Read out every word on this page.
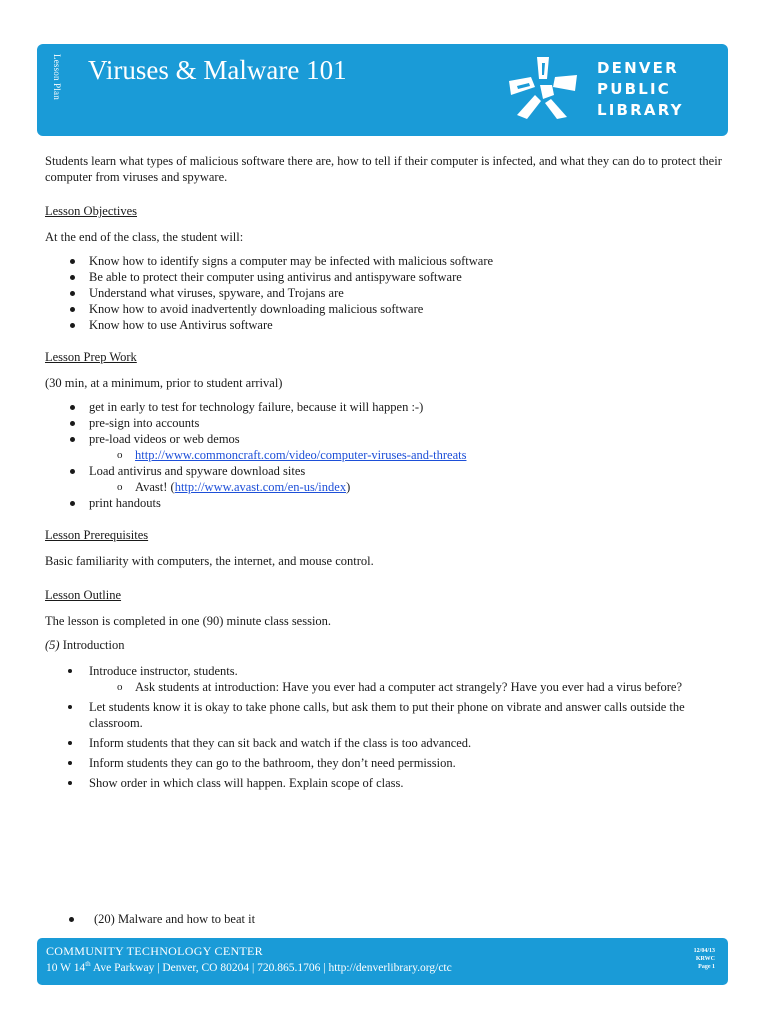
Lesson Plan Viruses & Malware 101	DENVER
PUBLIC
LIBRARY

Students learn what types of malicious software there are, how to tell if their computer is infected, and what they can do to protect their computer from viruses and spyware.

Lesson Objectives

At the end of the class, the student will:

Know how to identify signs a computer may be infected with malicious software
Be able to protect their computer using antivirus and antispyware software
Understand what viruses, spyware, and Trojans are
Know how to avoid inadvertently downloading malicious software
Know how to use Antivirus software

Lesson Prep Work

(30 min, at a minimum, prior to student arrival)

get in early to test for technology failure, because it will happen :-)
pre-sign into accounts
pre-load videos or web demos
o http://www.commoncraft.com/video/computer-viruses-and-threats
Load antivirus and spyware download sites
o Avast! (http://www.avast.com/en-us/index)
print handouts

Lesson Prerequisites

Basic familiarity with computers, the internet, and mouse control.

Lesson Outline

The lesson is completed in one (90) minute class session.

(5) Introduction

Introduce instructor, students.
o Ask students at introduction: Have you ever had a computer act strangely? Have you ever had a virus before?
Let students know it is okay to take phone calls, but ask them to put their phone on vibrate and answer calls outside the classroom.
Inform students that they can sit back and watch if the class is too advanced.
Inform students they can go to the bathroom, they don’t need permission.
Show order in which class will happen. Explain scope of class.
(20) Malware and how to beat it
COMMUNITY TECHNOLOGY CENTER
10 W 14th Ave Parkway | Denver, CO 80204 | 720.865.1706 | http://denverlibrary.org/ctc
12/04/13
KRWC
Page 1
